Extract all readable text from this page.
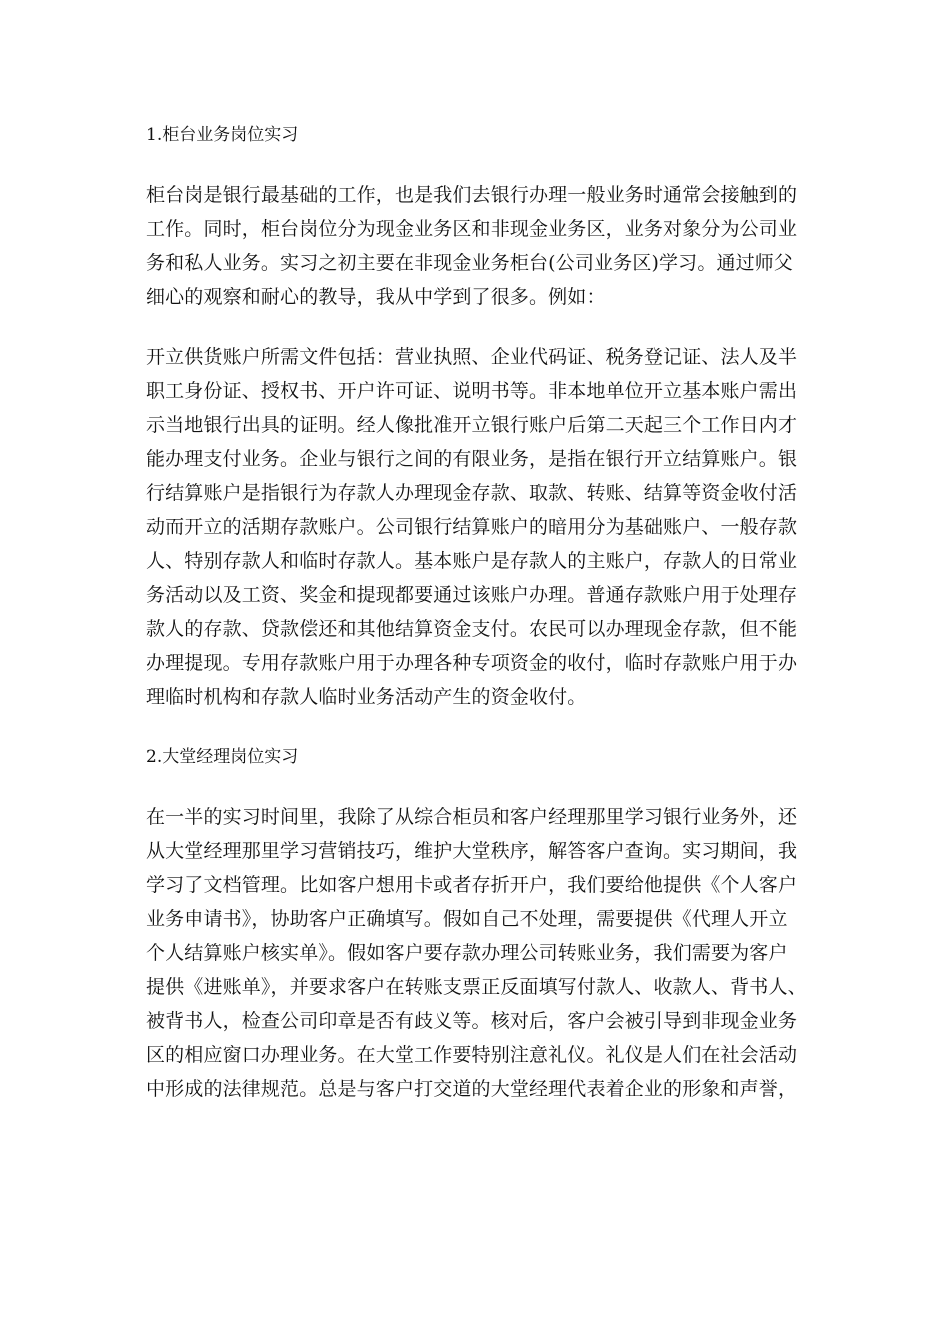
1.柜台业务岗位实习
柜台岗是银行最基础的工作，也是我们去银行办理一般业务时通常会接触到的
工作。同时，柜台岗位分为现金业务区和非现金业务区，业务对象分为公司业
务和私人业务。实习之初主要在非现金业务柜台(公司业务区)学习。通过师父
细心的观察和耐心的教导，我从中学到了很多。例如：
开立供货账户所需文件包括：营业执照、企业代码证、税务登记证、法人及半
职工身份证、授权书、开户许可证、说明书等。非本地单位开立基本账户需出
示当地银行出具的证明。经人像批准开立银行账户后第二天起三个工作日内才
能办理支付业务。企业与银行之间的有限业务，是指在银行开立结算账户。银
行结算账户是指银行为存款人办理现金存款、取款、转账、结算等资金收付活
动而开立的活期存款账户。公司银行结算账户的暗用分为基础账户、一般存款
人、特别存款人和临时存款人。基本账户是存款人的主账户，存款人的日常业
务活动以及工资、奖金和提现都要通过该账户办理。普通存款账户用于处理存
款人的存款、贷款偿还和其他结算资金支付。农民可以办理现金存款，但不能
办理提现。专用存款账户用于办理各种专项资金的收付，临时存款账户用于办
理临时机构和存款人临时业务活动产生的资金收付。
2.大堂经理岗位实习
在一半的实习时间里，我除了从综合柜员和客户经理那里学习银行业务外，还
从大堂经理那里学习营销技巧，维护大堂秩序，解答客户查询。实习期间，我
学习了文档管理。比如客户想用卡或者存折开户，我们要给他提供《个人客户
业务申请书》，协助客户正确填写。假如自己不处理，需要提供《代理人开立
个人结算账户核实单》。假如客户要存款办理公司转账业务，我们需要为客户
提供《进账单》，并要求客户在转账支票正反面填写付款人、收款人、背书人、
被背书人，检查公司印章是否有歧义等。核对后，客户会被引导到非现金业务
区的相应窗口办理业务。在大堂工作要特别注意礼仪。礼仪是人们在社会活动
中形成的法律规范。总是与客户打交道的大堂经理代表着企业的形象和声誉，
